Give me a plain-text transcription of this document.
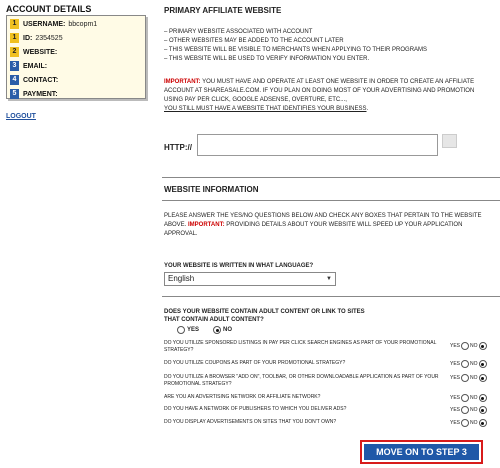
ACCOUNT DETAILS
1 USERNAME: bbcopm1
1 ID: 2354525
2 WEBSITE:
3 EMAIL:
4 CONTACT:
5 PAYMENT:
LOGOUT
PRIMARY AFFILIATE WEBSITE
– PRIMARY WEBSITE ASSOCIATED WITH ACCOUNT
– OTHER WEBSITES MAY BE ADDED TO THE ACCOUNT LATER
– THIS WEBSITE WILL BE VISIBLE TO MERCHANTS WHEN APPLYING TO THEIR PROGRAMS
– THIS WEBSITE WILL BE USED TO VERIFY INFORMATION YOU ENTER.
IMPORTANT: YOU MUST HAVE AND OPERATE AT LEAST ONE WEBSITE IN ORDER TO CREATE AN AFFILIATE ACCOUNT AT SHAREASALE.COM. IF YOU PLAN ON DOING MOST OF YOUR ADVERTISING AND PROMOTION USING PAY PER CLICK, GOOGLE ADSENSE, OVERTURE, ETC...,
YOU STILL MUST HAVE A WEBSITE THAT IDENTIFIES YOUR BUSINESS.
HTTP://
WEBSITE INFORMATION
PLEASE ANSWER THE YES/NO QUESTIONS BELOW AND CHECK ANY BOXES THAT PERTAIN TO THE WEBSITE ABOVE. IMPORTANT: PROVIDING DETAILS ABOUT YOUR WEBSITE WILL SPEED UP YOUR APPLICATION APPROVAL.
YOUR WEBSITE IS WRITTEN IN WHAT LANGUAGE?
English	▼
DOES YOUR WEBSITE CONTAIN ADULT CONTENT OR LINK TO SITES
THAT CONTAIN ADULT CONTENT?
YES	NO
DO YOU UTILIZE SPONSORED LISTINGS IN PAY PER CLICK SEARCH ENGINES AS PART OF YOUR PROMOTIONAL STRATEGY?
YES NO
DO YOU UTILIZE COUPONS AS PART OF YOUR PROMOTIONAL STRATEGY?	YES NO
DO YOU UTILIZE A BROWSER "ADD ON", TOOLBAR, OR OTHER DOWNLOADABLE APPLICATION AS PART OF YOUR PROMOTIONAL STRATEGY?
YES NO
ARE YOU AN ADVERTISING NETWORK OR AFFILIATE NETWORK?	YES NO
DO YOU HAVE A NETWORK OF PUBLISHERS TO WHICH YOU DELIVER ADS?	YES NO
DO YOU DISPLAY ADVERTISEMENTS ON SITES THAT YOU DON'T OWN?	YES NO
MOVE ON TO STEP 3
